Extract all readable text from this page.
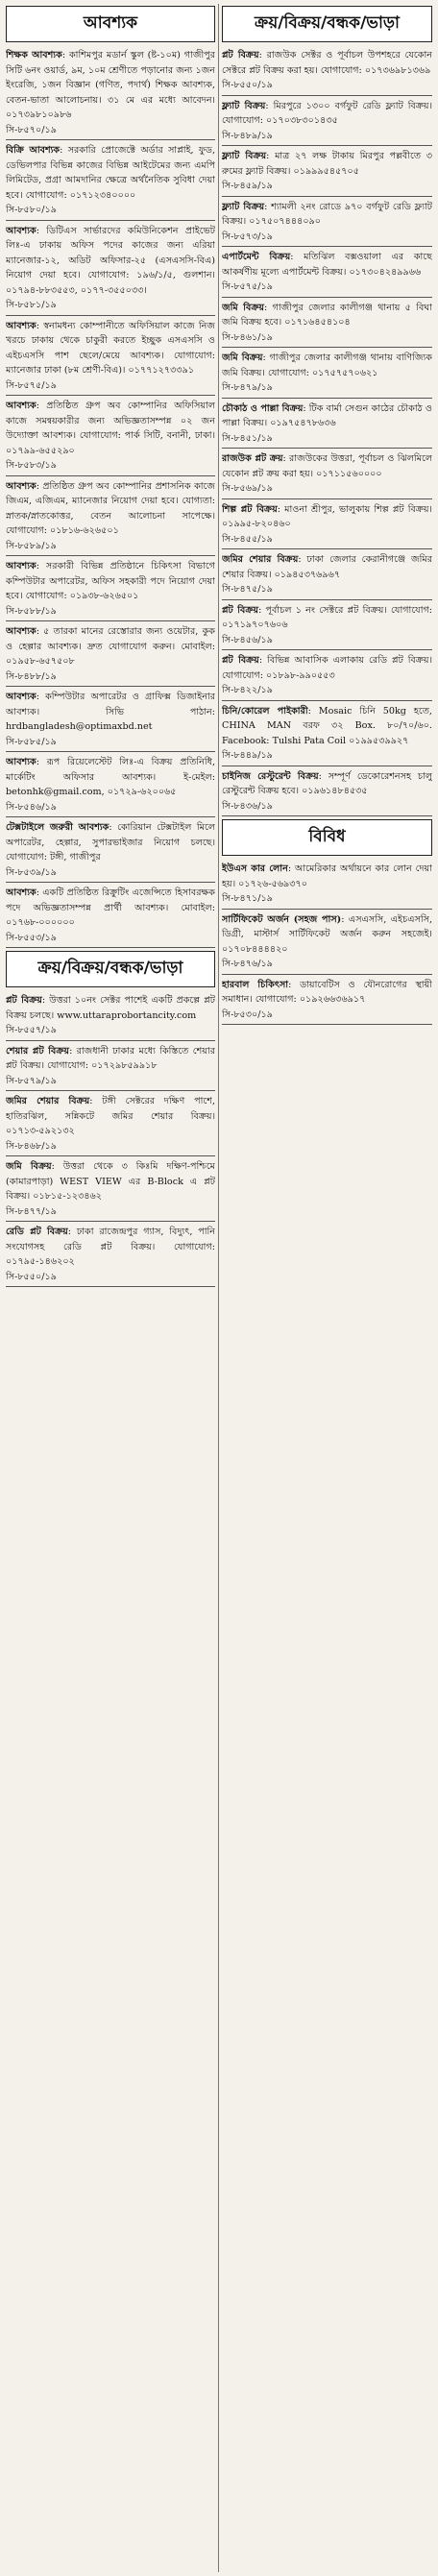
আবশ্যক

শিক্ষক আবশ্যক: কাশিমপুর মডার্ন স্কুল (ষ্ট-১০ম) গাজীপুর সিটি ৬নং ওয়ার্ড, ৯ম, ১০ম শ্রেণীতে পড়ানোর জন্য ১জন ইংরেজি, ১জন বিজ্ঞান (গণিত, পদার্থ) শিক্ষক আবশ্যক, বেতন-ভাতা আলোচনায়। ৩১ মে এর মধ্যে আবেদন। ০১৭৩৯৮১০৯৮৬

সি-৮৫৭০/১৯

বিক্রি আবশ্যক: সরকারি প্রোজেক্টে অর্ডার সাপ্লাই, ফুড, ডেভিলপার বিভিন্ন কাজের বিভিন্ন আইটেমের জন্য এমপি লিমিটেড, প্রগ্রা আমদানির ক্ষেত্রে অর্থনৈতিক সুবিধা দেয়া হবে। যোগাযোগ: ০১৭১২৩৪০০০০

সি-৮৫৮০/১৯

আবশ্যক: ডিটিএস সার্ভারদের কমিউনিকেশন প্রাইভেট লিঃ-এ ঢাকায় অফিস পদের কাজের জন্য এরিয়া ম্যানেজার-১২, অডিট অফিসার-২৫ (এসএসসি-বিএ) নিয়োগ দেয়া হবে। যোগাযোগ: ১৯৬/১/৫, গুলশান। ০১৭৯৪-৮৮৩৫৫৩, ০১৭৭-৩৫৫০৩৩।

সি-৮৫৮১/১৯

আবশ্যক: স্বনামধন্য কোম্পানীতে অফিসিয়াল কাজে নিজ খরচে ঢাকায় থেকে চাকুরী করতে ইচ্ছুক এসএসসি ও এইচএসসি পাশ ছেলে/মেয়ে আবশ্যক। যোগাযোগ: ম্যানেজার ঢাকা (৮ম শ্রেণী-বিএ)। ০১৭৭১২৭৩৩৯১

সি-৮৫৭৫/১৯

আবশ্যক: প্রতিষ্ঠিত গ্রুপ অব কোম্পানির অফিসিয়াল কাজে সমন্বয়কারীর জন্য অভিজ্ঞতাসম্পন্ন ০২ জন উদ্যোক্তা আবশ্যক। যোগাযোগ: পার্ক সিটি, বনানী, ঢাকা। ০১৭৯৯-৬৫৫২৯০

সি-৮৫৮৩/১৯

আবশ্যক: প্রতিষ্ঠিত গ্রুপ অব কোম্পানির প্রশাসনিক কাজে জিএম, এজিএম, ম্যানেজার নিয়োগ দেয়া হবে। যোগ্যতা: স্নাতক/স্নাতকোত্তর, বেতন আলোচনা সাপেক্ষে। যোগাযোগ: ০১৮১৬-৬২৬৫০১

সি-৮৫৮৯/১৯

আবশ্যক: সরকারী বিভিন্ন প্রতিষ্ঠানে চিকিৎসা বিভাগে কম্পিউটার অপারেটর, অফিস সহকারী পদে নিয়োগ দেয়া হবে। যোগাযোগ: ০১৯৩৮-৬২৬৫০১

সি-৮৫৮৮/১৯

আবশ্যক: ৫ তারকা মানের রেস্তোরার জন্য ওয়েটার, কুক ও হেল্পার আবশ্যক। দ্রুত যোগাযোগ করুন। মোবাইল: ০১৯৫৮-৬৫৭৫০৮

সি-৮৪৮৮/১৯

আবশ্যক: কম্পিউটার অপারেটর ও গ্রাফিক্স ডিজাইনার আবশ্যক। সিভি পাঠান: hrdbangladesh@optimaxbd.net

সি-৮৫৮৫/১৯

আবশ্যক: রূপ রিয়েলেস্টেট লিঃ-এ বিক্রয় প্রতিনিধি, মার্কেটিং অফিসার আবশ্যক। ই-মেইল: betonhk@gmail.com, ০১৭২৯-৬২০০৬৫

সি-৮৫৪৬/১৯

টেক্সটাইলে জরুরী আবশ্যক: কোরিয়ান টেক্সটাইল মিলে অপারেটর, হেল্পার, সুপারভাইজার নিয়োগ চলছে। যোগাযোগ: টঙ্গী, গাজীপুর

সি-৮৫৩৯/১৯

আবশ্যক: একটি প্রতিষ্ঠিত রিক্রুটিং এজেন্সিতে হিসাবরক্ষক পদে অভিজ্ঞতাসম্পন্ন প্রার্থী আবশ্যক। মোবাইল: ০১৭৬৮-০০০০০০

সি-৮৫৫৩/১৯
ক্রয়/বিক্রয়/বন্ধক/ভাড়া

প্লট বিক্রয়: উত্তরা ১০নং সেক্টর পাশেই একটি প্রকল্পে প্লট বিক্রয় চলছে। www.uttaraprobortancity.com

সি-৮৫৫৭/১৯

শেয়ার প্লট বিক্রয়: রাজধানী ঢাকার মধ্যে কিস্তিতে শেয়ার প্লট বিক্রয়। যোগাযোগ: ০১৭২৯৮৫৯৯১৮

সি-৮৫৭৯/১৯

জমির শেয়ার বিক্রয়: টঙ্গী সেক্টরের দক্ষিণ পাশে, হাতিরঝিল, সন্নিকটে জমির শেয়ার বিক্রয়। ০১৭১৩-৫৯২১৩২

সি-৮৪৬৮/১৯

জমি বিক্রয়: উত্তরা থেকে ৩ কিঃমি দক্ষিণ-পশ্চিমে (কামারপাড়া) WEST VIEW এর B-Block এ প্লট বিক্রয়। ০১৮১৫-১২৩৪৬২

সি-৮৪৭৭/১৯

রেডি প্লট বিক্রয়: ঢাকা রাজেন্দ্রপুর গ্যাস, বিদ্যুৎ, পানি সংযোগসহ রেডি প্লট বিক্রয়। যোগাযোগ: ০১৭৯৫-১৪৬২০২

সি-৮৫৫০/১৯
ক্রয়/বিক্রয়/বন্ধক/ভাড়া

প্লট বিক্রয়: রাজউক সেক্টর ও পূর্বাচল উপশহরে যেকোন সেক্টরে প্লট বিক্রয় করা হয়। যোগাযোগ: ০১৭৩৬৯৮১৩৬৯

সি-৮৫৫০/১৯

ফ্ল্যাট বিক্রয়: মিরপুরে ১৩০০ বর্গফুট রেডি ফ্ল্যাট বিক্রয়। যোগাযোগ: ০১৭০৩৮৩০১৪৩৫

সি-৮৪৮৯/১৯

ফ্ল্যাট বিক্রয়: মাত্র ২৭ লক্ষ টাকায় মিরপুর পল্লবীতে ৩ রুমের ফ্ল্যাট বিক্রয়। ০১৯৯৯৫৪৫৭০৫

সি-৮৪৫৯/১৯

ফ্ল্যাট বিক্রয়: শ্যামলী ২নং রোডে ৯৭০ বর্গফুট রেডি ফ্ল্যাট বিক্রয়। ০১৭৫০৭৪৪৪০৯০

সি-৮৫৭৩/১৯

এপার্টমেন্ট বিক্রয়: মতিঝিল বক্সওয়ালা এর কাছে আকর্ষণীয় মূল্যে এপার্টমেন্ট বিক্রয়। ০১৭৩০৪২৪৯৯৬৬

সি-৮৫৭৫/১৯

জমি বিক্রয়: গাজীপুর জেলার কালীগঞ্জ থানায় ৫ বিঘা জমি বিক্রয় হবে। ০১৭১৬৪৫৪১০৪

সি-৮৪৬১/১৯

জমি বিক্রয়: গাজীপুর জেলার কালীগঞ্জ থানায় বাণিজ্যিক জমি বিক্রয়। যোগাযোগ: ০১৭৫৭৫৭০৬২১

সি-৮৪৭৯/১৯

চৌকাঠ ও পাল্লা বিক্রয়: টিক বার্মা সেগুন কাঠের চৌকাঠ ও পাল্লা বিক্রয়। ০১৯৭৫৪৭৮৬৩৬

সি-৮৪৫১/১৯

রাজউক প্লট ক্রয়: রাজউকের উত্তরা, পূর্বাচল ও ঝিলমিলে যেকোন প্লট ক্রয় করা হয়। ০১৭১১৫৬০০০০

সি-৮৫৬৯/১৯

শিল্প প্লট বিক্রয়: মাওনা শ্রীপুর, ভালুকায় শিল্প প্লট বিক্রয়। ০১৯৯৫-৮২০৪৬০

সি-৮৪৫৫/১৯

জমির শেয়ার বিক্রয়: ঢাকা জেলার কেরানীগঞ্জে জমির শেয়ার বিক্রয়। ০১৯৪৫৩৭৬৯৬৭

সি-৮৪৭৫/১৯

প্লট বিক্রয়: পূর্বাচল ১ নং সেক্টরে প্লট বিক্রয়। যোগাযোগ: ০১৭১৯৭০৭৬০৬

সি-৮৪৫৬/১৯

প্লট বিক্রয়: বিভিন্ন আবাসিক এলাকায় রেডি প্লট বিক্রয়। যোগাযোগ: ০১৮৯৮-৯৯০৫৫৩

সি-৮৪২২/১৯

চিনি/কোরেল পাইকারী: Mosaic চিনি 50kg হতে, CHINA MAN বরফ ৩২ Box. ৮০/৭০/৬০. Facebook: Tulshi Pata Coil ০১৯৯৫৩৯৯২৭

সি-৮৪৪৯/১৯

চাইনিজ রেস্টুরেন্ট বিক্রয়: সম্পূর্ণ ডেকোরেশনসহ চালু রেস্টুরেন্ট বিক্রয় হবে। ০১৯৬১৪৮৪৫৩৫

সি-৮৪৩৬/১৯
বিবিধ

ইউএস কার লোন: আমেরিকার অর্থায়নে কার লোন দেয়া হয়। ০১৭২৬-৫৬৯৩৭০

সি-৮৪৭১/১৯

সার্টিফিকেট অর্জন (সহজ পাস): এসএসসি, এইচএসসি, ডিগ্রী, মাস্টার্স সার্টিফিকেট অর্জন করুন সহজেই। ০১৭০৮৪৪৪৪২০

সি-৮৪৭৬/১৯

হারবাল চিকিৎসা: ডায়াবেটিস ও যৌনরোগের স্থায়ী সমাধান। যোগাযোগ: ০১৯২৬৬৩৬৯১৭

সি-৮৫৩০/১৯
